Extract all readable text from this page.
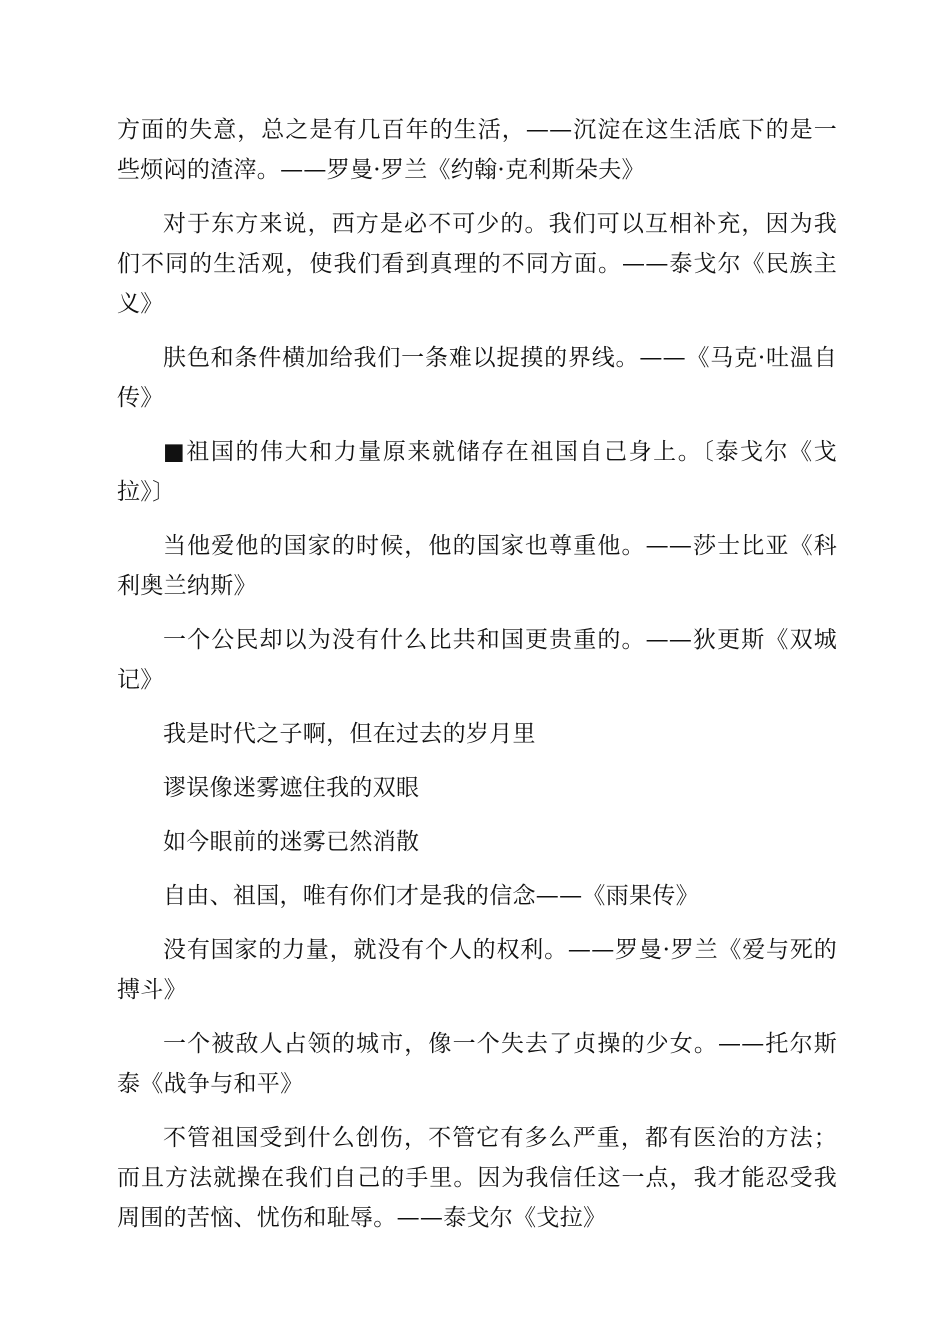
方面的失意，总之是有几百年的生活，——沉淀在这生活底下的是一些烦闷的渣滓。——罗曼·罗兰《约翰·克利斯朵夫》

对于东方来说，西方是必不可少的。我们可以互相补充，因为我们不同的生活观，使我们看到真理的不同方面。——泰戈尔《民族主义》

肤色和条件横加给我们一条难以捉摸的界线。——《马克·吐温自传》

■祖国的伟大和力量原来就储存在祖国自己身上。〔泰戈尔《戈拉》〕

当他爱他的国家的时候，他的国家也尊重他。——莎士比亚《科利奥兰纳斯》

一个公民却以为没有什么比共和国更贵重的。——狄更斯《双城记》

我是时代之子啊，但在过去的岁月里

谬误像迷雾遮住我的双眼

如今眼前的迷雾已然消散

自由、祖国，唯有你们才是我的信念——《雨果传》

没有国家的力量，就没有个人的权利。——罗曼·罗兰《爱与死的搏斗》

一个被敌人占领的城市，像一个失去了贞操的少女。——托尔斯泰《战争与和平》

不管祖国受到什么创伤，不管它有多么严重，都有医治的方法；而且方法就操在我们自己的手里。因为我信任这一点，我才能忍受我周围的苦恼、忧伤和耻辱。——泰戈尔《戈拉》
